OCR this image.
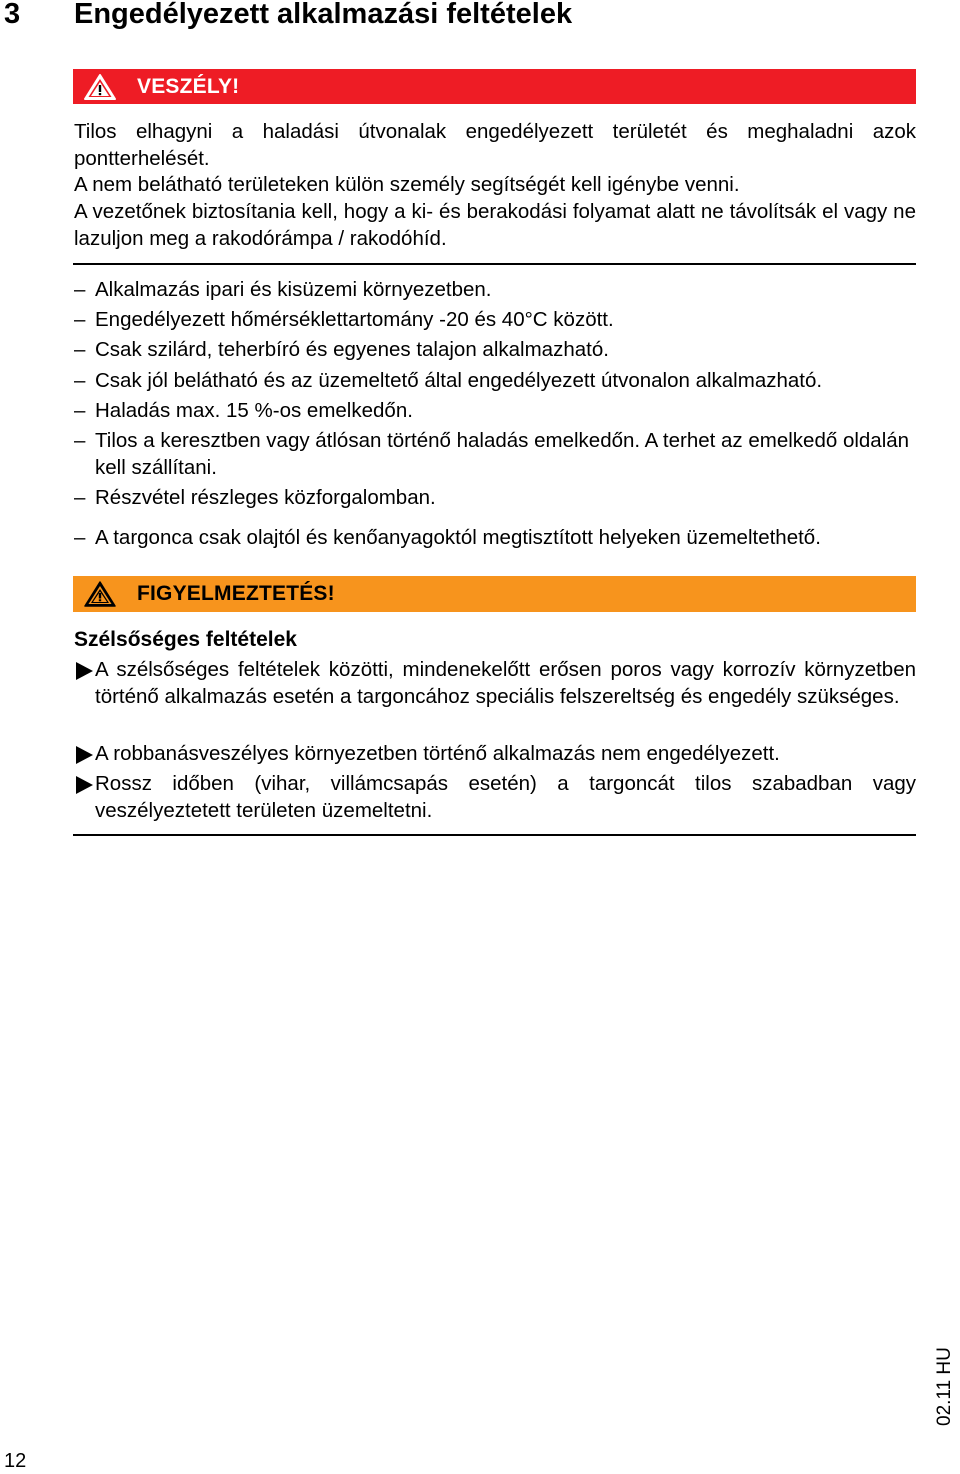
3 Engedélyezett alkalmazási feltételek
VESZÉLY!
Tilos elhagyni a haladási útvonalak engedélyezett területét és meghaladni azok pontterhelését.
A nem belátható területeken külön személy segítségét kell igénybe venni.
A vezetőnek biztosítania kell, hogy a ki- és berakodási folyamat alatt ne távolítsák el vagy ne lazuljon meg a rakodórámpa / rakodóhíd.
– Alkalmazás ipari és kisüzemi környezetben.
– Engedélyezett hőmérséklettartomány -20 és 40°C között.
– Csak szilárd, teherbíró és egyenes talajon alkalmazható.
– Csak jól belátható és az üzemeltető által engedélyezett útvonalon alkalmazható.
– Haladás max. 15 %-os emelkedőn.
– Tilos a keresztben vagy átlósan történő haladás emelkedőn. A terhet az emelkedő oldalán kell szállítani.
– Részvétel részleges közforgalomban.
– A targonca csak olajtól és kenőanyagoktól megtisztított helyeken üzemeltethető.
FIGYELMEZTETÉS!
Szélsőséges feltételek
A szélsőséges feltételek közötti, mindenekelőtt erősen poros vagy korrozív környzetben történő alkalmazás esetén a targoncához speciális felszereltség és engedély szükséges.
A robbanásveszélyes környezetben történő alkalmazás nem engedélyezett.
Rossz időben (vihar, villámcsapás esetén) a targoncát tilos szabadban vagy veszélyeztetett területen üzemeltetni.
02.11 HU
12
